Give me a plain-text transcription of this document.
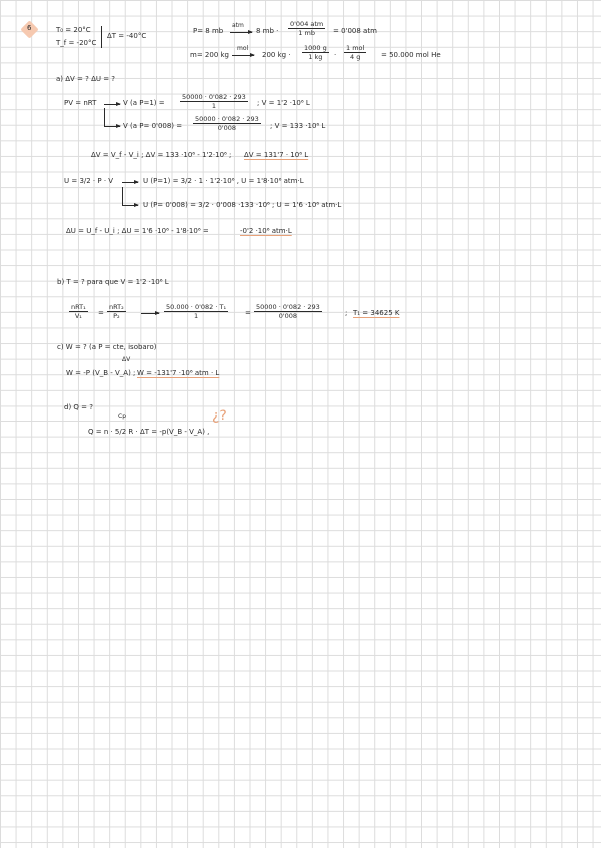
6	T₀ = 20°C
T_f = -20°C
ΔT = -40°C
P= 8 mb
atm
8 mb ·
0'004 atm
1 mb	= 0'008 atm
m= 200 kg
mol
200 kg · $\frac{1000 g}{1 kg}$ ·
1 mol
4 g	= 50.000 mol He
a) ΔV = ? ΔU = ?
PV = nRT	V (a $P=1) = \frac{50000 \cdot 0'082 \cdot 293}{1}$ ; V = 1'2 ·10⁶ L
V (a $P= 0'008) = \frac{50000 \cdot 0'082 \cdot 293}{0'008}$ ; V = 133 ·10⁶ L
ΔV = V_f - V_i ; ΔV = 133 ·10⁶ - 1'2·10⁶ ; ΔV = 131'7 · 10⁶ L
U = 3/2 · P · V	U (P=1) = 3/2 · 1 · 1'2·10⁶ , U = 1'8·10⁶ atm·L
U (P= 0'008) = 3/2 · 0'008 ·133 ·10⁶ ; U = 1'6 ·10⁶ atm·L
ΔU = U_f - U_i ; ΔU = 1'6 ·10⁶ - 1'8·10⁶ =	-0'2 ·10⁶ atm·L
b) T = ? para que V = 1'2 ·10⁶ L
nRT₁
V₁ =
nRT₂
P₂	$\frac{\text{50.000 · 0'082 · T₁}}{1} = \frac{50000 \cdot 0'082 \cdot 293}{0'008}$	; T₁ = 34625 K
c) W = ? (a P = cte, isobaro)
ΔV
W = -P (V_B - V_A) ; W = -131'7 ·10⁶ atm · L
d) Q = ?
Cp
Q = n · 5/2 R · ΔT = -p(V_B - V_A) ,
¿?
